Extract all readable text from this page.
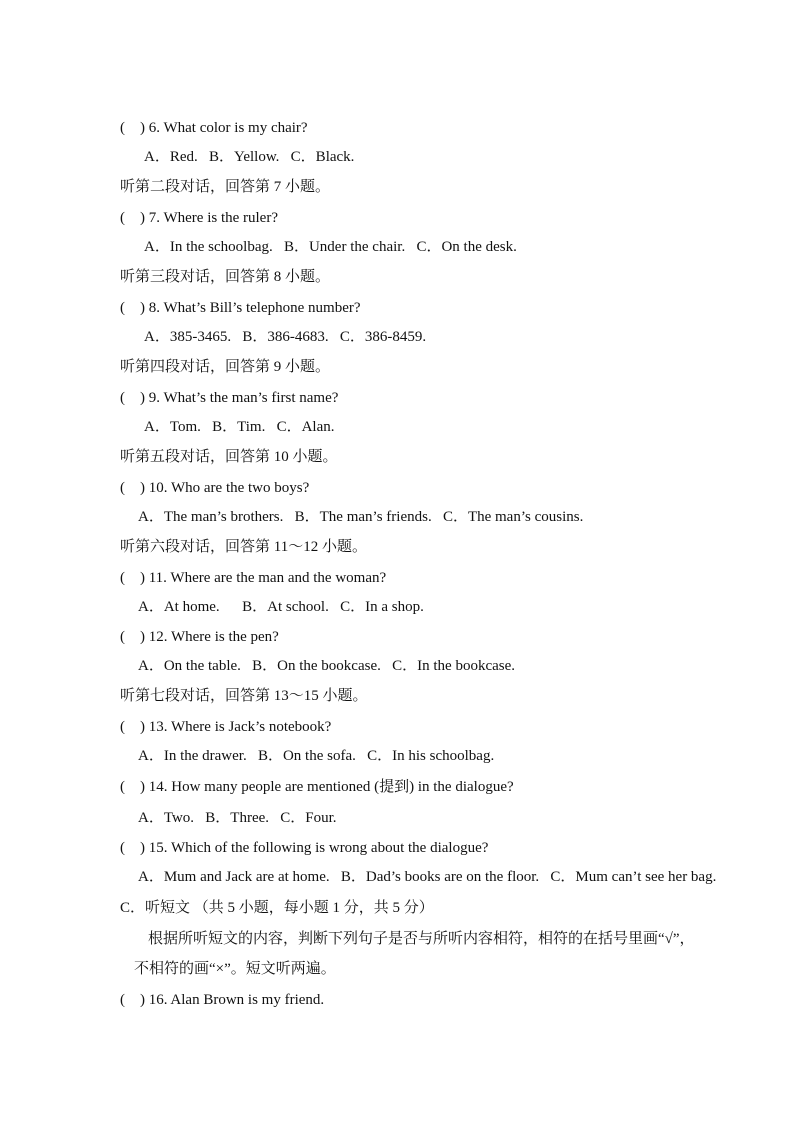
(    ) 6. What color is my chair?
A．Red.   B．Yellow.   C．Black.
听第二段对话，回答第 7 小题。
(    ) 7. Where is the ruler?
A．In the schoolbag.   B．Under the chair.   C．On the desk.
听第三段对话，回答第 8 小题。
(    ) 8. What’s Bill’s telephone number?
A．385-3465.   B．386-4683.   C．386-8459.
听第四段对话，回答第 9 小题。
(    ) 9. What’s the man’s first name?
A．Tom.   B．Tim.   C．Alan.
听第五段对话，回答第 10 小题。
(    ) 10. Who are the two boys?
A．The man’s brothers.   B．The man’s friends.   C．The man’s cousins.
听第六段对话，回答第 11～12 小题。
(    ) 11. Where are the man and the woman?
A．At home.      B．At school.   C．In a shop.
(    ) 12. Where is the pen?
A．On the table.   B．On the bookcase.   C．In the bookcase.
听第七段对话，回答第 13～15 小题。
(    ) 13. Where is Jack’s notebook?
A．In the drawer.   B．On the sofa.   C．In his schoolbag.
(    ) 14. How many people are mentioned (提到) in the dialogue?
A．Two.   B．Three.   C．Four.
(    ) 15. Which of the following is wrong about the dialogue?
A．Mum and Jack are at home.   B．Dad’s books are on the floor.   C．Mum can’t see her bag.
C．听短文 （共 5 小题，每小题 1 分，共 5 分）
根据所听短文的内容，判断下列句子是否与所听内容相符，相符的在括号里画“√”，
不相符的画“×”。短文听两遍。
(    ) 16. Alan Brown is my friend.
